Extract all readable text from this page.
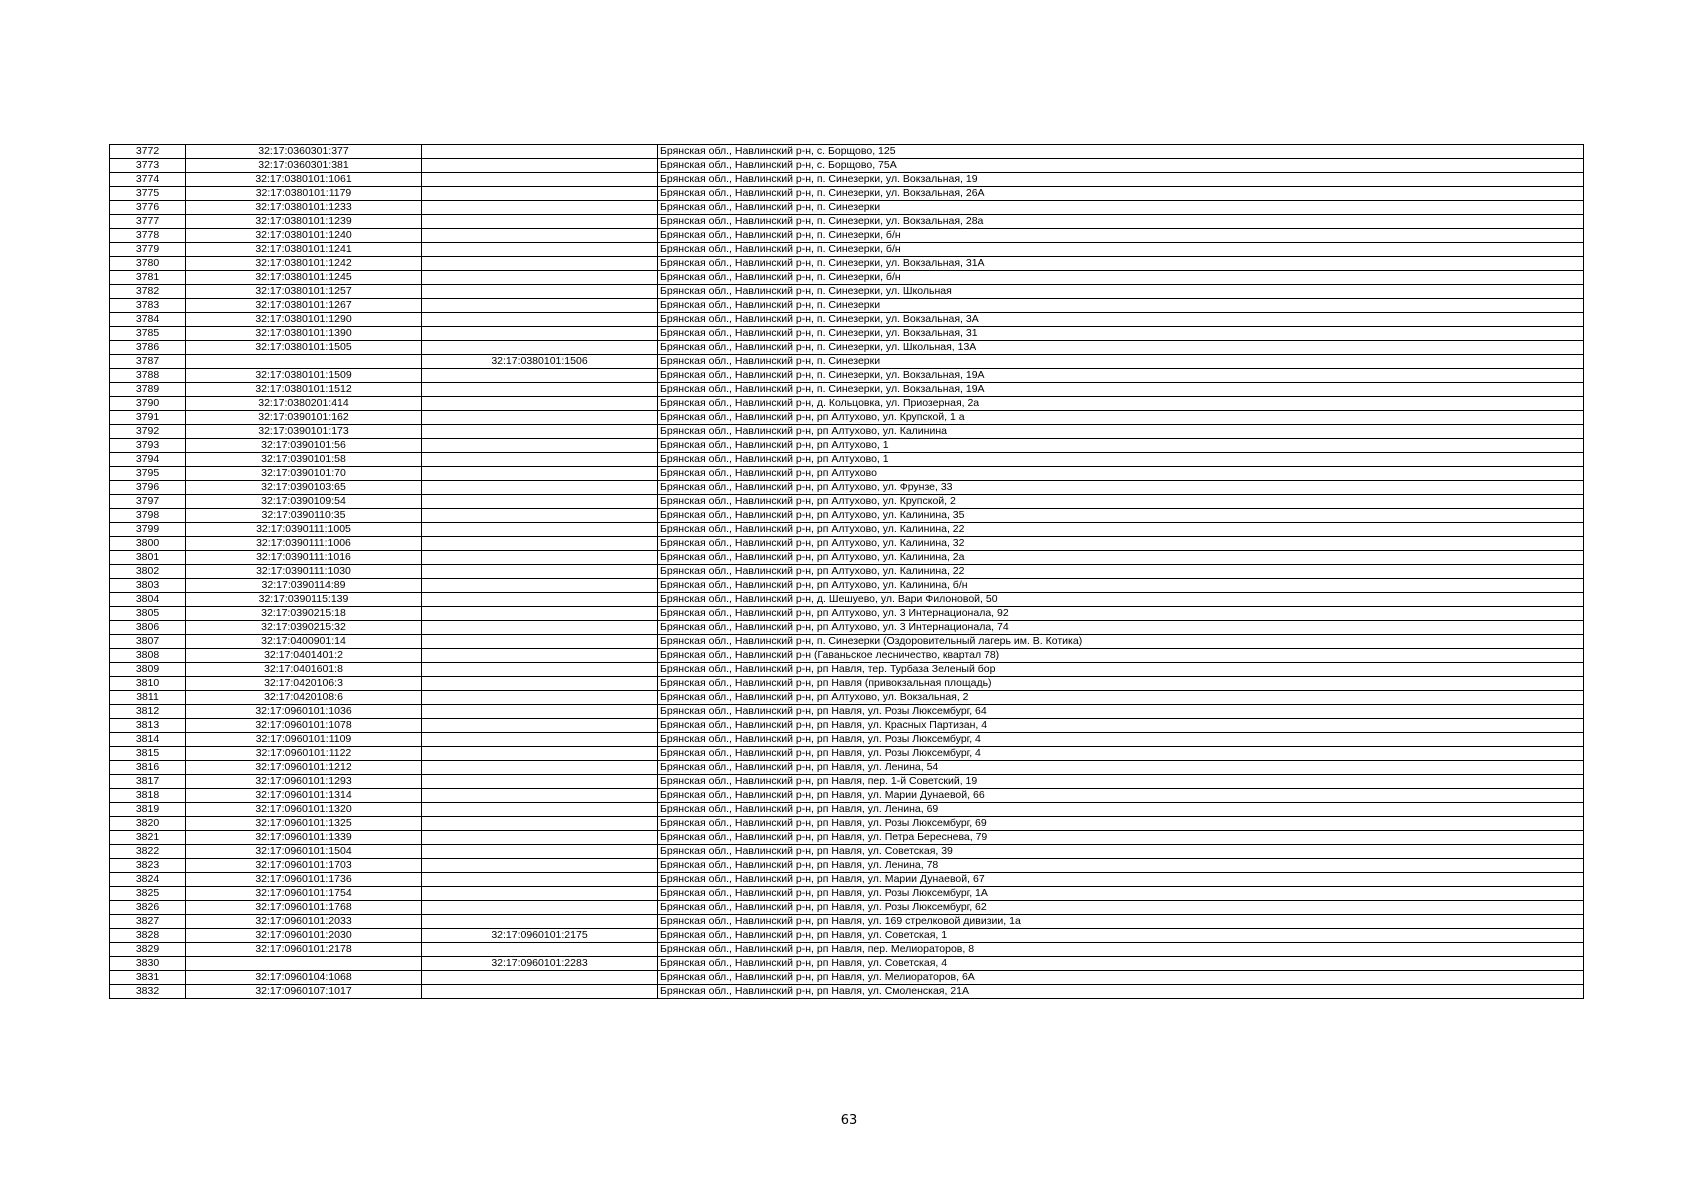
3772	32:17:0360301:377		Брянская обл., Навлинский р-н, с. Борщово, 125
3773	32:17:0360301:381		Брянская обл., Навлинский р-н, с. Борщово, 75А
3774	32:17:0380101:1061		Брянская обл., Навлинский р-н, п. Синезерки, ул. Вокзальная, 19
3775	32:17:0380101:1179		Брянская обл., Навлинский р-н, п. Синезерки, ул. Вокзальная, 26А
3776	32:17:0380101:1233		Брянская обл., Навлинский р-н, п. Синезерки
3777	32:17:0380101:1239		Брянская обл., Навлинский р-н, п. Синезерки, ул. Вокзальная, 28а
3778	32:17:0380101:1240		Брянская обл., Навлинский р-н, п. Синезерки, б/н
3779	32:17:0380101:1241		Брянская обл., Навлинский р-н, п. Синезерки, б/н
3780	32:17:0380101:1242		Брянская обл., Навлинский р-н, п. Синезерки, ул. Вокзальная, 31А
3781	32:17:0380101:1245		Брянская обл., Навлинский р-н, п. Синезерки, б/н
3782	32:17:0380101:1257		Брянская обл., Навлинский р-н, п. Синезерки, ул. Школьная
3783	32:17:0380101:1267		Брянская обл., Навлинский р-н, п. Синезерки
3784	32:17:0380101:1290		Брянская обл., Навлинский р-н, п. Синезерки, ул. Вокзальная, 3А
3785	32:17:0380101:1390		Брянская обл., Навлинский р-н, п. Синезерки, ул. Вокзальная, 31
3786	32:17:0380101:1505		Брянская обл., Навлинский р-н, п. Синезерки, ул. Школьная, 13А
3787		32:17:0380101:1506	Брянская обл., Навлинский р-н, п. Синезерки
3788	32:17:0380101:1509		Брянская обл., Навлинский р-н, п. Синезерки, ул. Вокзальная, 19А
3789	32:17:0380101:1512		Брянская обл., Навлинский р-н, п. Синезерки, ул. Вокзальная, 19А
3790	32:17:0380201:414		Брянская обл., Навлинский р-н, д. Кольцовка, ул. Приозерная, 2а
3791	32:17:0390101:162		Брянская обл., Навлинский р-н, рп Алтухово, ул. Крупской, 1 а
3792	32:17:0390101:173		Брянская обл., Навлинский р-н, рп Алтухово, ул. Калинина
3793	32:17:0390101:56		Брянская обл., Навлинский р-н, рп Алтухово, 1
3794	32:17:0390101:58		Брянская обл., Навлинский р-н, рп Алтухово, 1
3795	32:17:0390101:70		Брянская обл., Навлинский р-н, рп Алтухово
3796	32:17:0390103:65		Брянская обл., Навлинский р-н, рп Алтухово, ул. Фрунзе, 33
3797	32:17:0390109:54		Брянская обл., Навлинский р-н, рп Алтухово, ул. Крупской, 2
3798	32:17:0390110:35		Брянская обл., Навлинский р-н, рп Алтухово, ул. Калинина, 35
3799	32:17:0390111:1005		Брянская обл., Навлинский р-н, рп Алтухово, ул. Калинина, 22
3800	32:17:0390111:1006		Брянская обл., Навлинский р-н, рп Алтухово, ул. Калинина, 32
3801	32:17:0390111:1016		Брянская обл., Навлинский р-н, рп Алтухово, ул. Калинина, 2а
3802	32:17:0390111:1030		Брянская обл., Навлинский р-н, рп Алтухово, ул. Калинина, 22
3803	32:17:0390114:89		Брянская обл., Навлинский р-н, рп Алтухово, ул. Калинина, б/н
3804	32:17:0390115:139		Брянская обл., Навлинский р-н, д. Шешуево, ул. Вари Филоновой, 50
3805	32:17:0390215:18		Брянская обл., Навлинский р-н, рп Алтухово, ул. 3 Интернационала, 92
3806	32:17:0390215:32		Брянская обл., Навлинский р-н, рп Алтухово, ул. 3 Интернационала, 74
3807	32:17:0400901:14		Брянская обл., Навлинский р-н, п. Синезерки (Оздоровительный лагерь им. В. Котика)
3808	32:17:0401401:2		Брянская обл., Навлинский р-н (Гаваньское лесничество, квартал 78)
3809	32:17:0401601:8		Брянская обл., Навлинский р-н, рп Навля, тер. Турбаза Зеленый бор
3810	32:17:0420106:3		Брянская обл., Навлинский р-н, рп Навля (привокзальная площадь)
3811	32:17:0420108:6		Брянская обл., Навлинский р-н, рп Алтухово, ул. Вокзальная, 2
3812	32:17:0960101:1036		Брянская обл., Навлинский р-н, рп Навля, ул. Розы Люксембург, 64
3813	32:17:0960101:1078		Брянская обл., Навлинский р-н, рп Навля, ул. Красных Партизан, 4
3814	32:17:0960101:1109		Брянская обл., Навлинский р-н, рп Навля, ул. Розы Люксембург, 4
3815	32:17:0960101:1122		Брянская обл., Навлинский р-н, рп Навля, ул. Розы Люксембург, 4
3816	32:17:0960101:1212		Брянская обл., Навлинский р-н, рп Навля, ул. Ленина, 54
3817	32:17:0960101:1293		Брянская обл., Навлинский р-н, рп Навля, пер. 1-й Советский, 19
3818	32:17:0960101:1314		Брянская обл., Навлинский р-н, рп Навля, ул. Марии Дунаевой, 66
3819	32:17:0960101:1320		Брянская обл., Навлинский р-н, рп Навля, ул. Ленина, 69
3820	32:17:0960101:1325		Брянская обл., Навлинский р-н, рп Навля, ул. Розы Люксембург, 69
3821	32:17:0960101:1339		Брянская обл., Навлинский р-н, рп Навля, ул. Петра Береснева, 79
3822	32:17:0960101:1504		Брянская обл., Навлинский р-н, рп Навля, ул. Советская, 39
3823	32:17:0960101:1703		Брянская обл., Навлинский р-н, рп Навля, ул. Ленина, 78
3824	32:17:0960101:1736		Брянская обл., Навлинский р-н, рп Навля, ул. Марии Дунаевой, 67
3825	32:17:0960101:1754		Брянская обл., Навлинский р-н, рп Навля, ул. Розы Люксембург, 1А
3826	32:17:0960101:1768		Брянская обл., Навлинский р-н, рп Навля, ул. Розы Люксембург, 62
3827	32:17:0960101:2033		Брянская обл., Навлинский р-н, рп Навля, ул. 169 стрелковой дивизии, 1а
3828	32:17:0960101:2030	32:17:0960101:2175	Брянская обл., Навлинский р-н, рп Навля, ул. Советская, 1
3829	32:17:0960101:2178		Брянская обл., Навлинский р-н, рп Навля, пер. Мелиораторов, 8
3830		32:17:0960101:2283	Брянская обл., Навлинский р-н, рп Навля, ул. Советская, 4
3831	32:17:0960104:1068		Брянская обл., Навлинский р-н, рп Навля, ул. Мелиораторов, 6А
3832	32:17:0960107:1017		Брянская обл., Навлинский р-н, рп Навля, ул. Смоленская, 21А
63
